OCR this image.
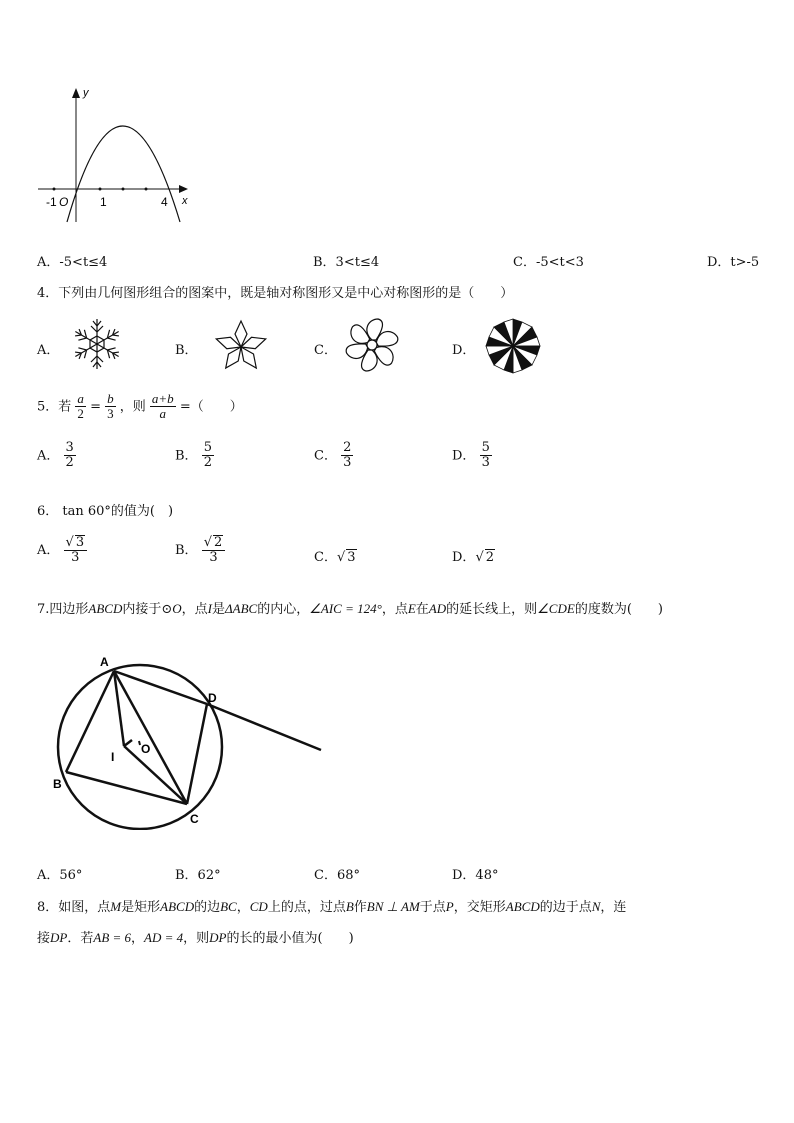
y
x
-1 O	1	4
A．-5<t≤4	B．3<t≤4	C．-5<t<3	D．t>-5
4．下列由几何图形组合的图案中，既是轴对称图形又是中心对称图形的是（　　）
A．	B．	C．	D．
5．若 $\frac{a}{2} = \frac{b}{3}$ ，则 $\frac{a+b}{a}$ =（　　）
A． $\frac{3}{2}$	B． $\frac{5}{2}$	C． $\frac{2}{3}$	D． $\frac{5}{3}$
6． tan 60°的值为(　)
A． $\frac{√ 3}{3}$	B． $\frac{√ 2}{3}$	C．√ 3	D．√ 2
7.四边形ABCD内接于⊙O，点I是ΔABC的内心，∠AIC = 124°，点E在AD的延长线上，则∠CDE的度数为(　　)
A
B
C
D
I
O
A．56°	B．62°	C．68°	D．48°
8．如图，点M是矩形ABCD的边BC，CD上的点，过点B作BN ⊥ AM于点P，交矩形ABCD的边于点N，连
接DP．若AB = 6，AD = 4，则DP的长的最小值为(　　)
